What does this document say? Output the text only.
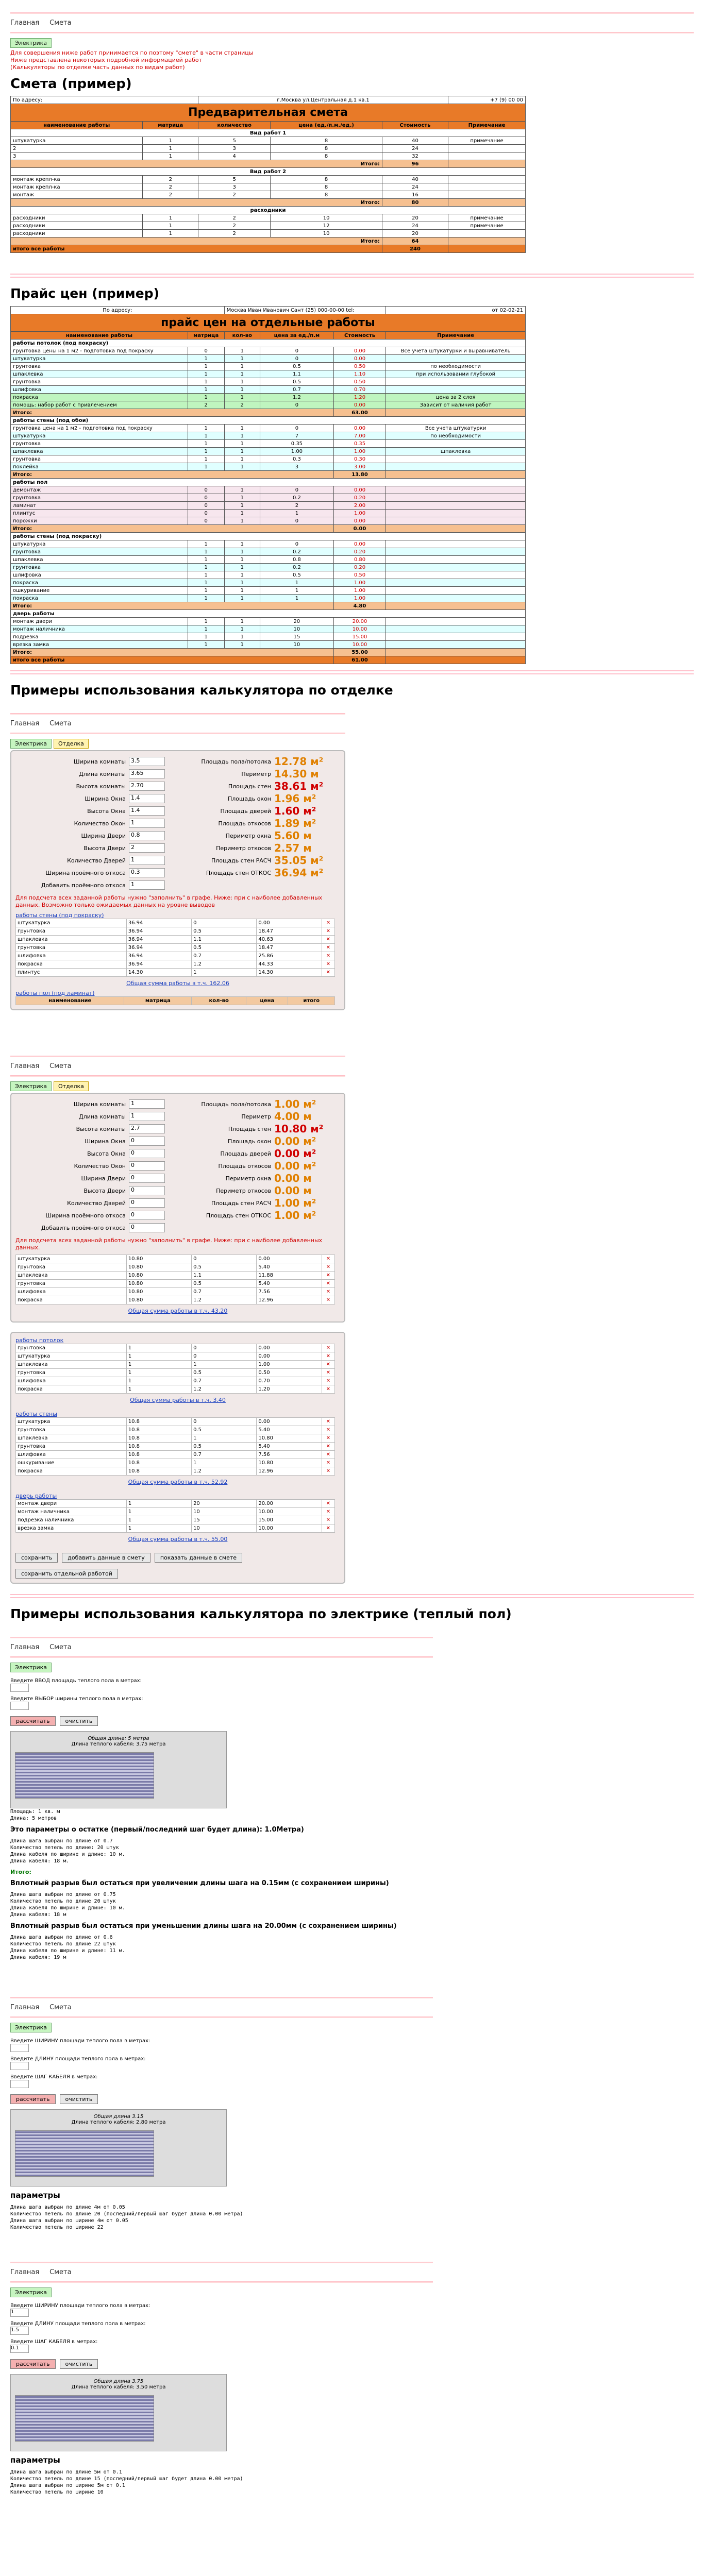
Главная Смета
Электрика
Для совершения ниже работ принимается по поэтому "смете" в части страницы
Ниже представлена некоторых подробной информацией работ
(Калькуляторы по отделке часть данных по видам работ)
Смета (пример)
По адресу:		г.Москва ул.Центральная д.1 кв.1			+7 (9) 00 00
Предварительная смета					
наименование работы	матрица	количество	цена (ед./п.м./ед.)	Стоимость	Примечание
Вид работ 1					
штукатурка	1	5	8	40	примечание
2	1	3	8	24	
3	1	4	8	32	
Итого:				96	
Вид работ 2					
монтаж крепл-ка	2	5	8	40	
монтаж крепл-ка	2	3	8	24	
монтаж	2	2	8	16	
Итого:				80	
расходники					
расходники	1	2	10	20	примечание
расходники	1	2	12	24	примечание
расходники	1	2	10	20	
Итого:				64	
итого все работы				240	
Прайс цен (пример)
По адресу:		Москва Иван Иванович Сант (25) 000-00-00 tel:			от 02-02-21
прайс цен на отдельные работы					
наименование работы	матрица	кол-во	цена за ед./п.м	Стоимость	Примечание
работы потолок (под покраску)					
грунтовка цены на 1 м2 - подготовка под покраску	0	1	0	0.00	Все учета штукатурки и выравниватель
штукатурка	1	1	0	0.00	
грунтовка	1	1	0.5	0.50	по необходимости
шпаклевка	1	1	1.1	1.10	при использовании глубокой
грунтовка	1	1	0.5	0.50	
шлифовка	1	1	0.7	0.70	
покраска	1	1	1.2	1.20	цена за 2 слоя
помощь: набор работ с привлечением	2	2	0	0.00	Зависит от наличия работ
Итого:				63.00	
работы стены (под обои)					
грунтовка цена на 1 м2 - подготовка под покраску	1	1	0	0.00	Все учета штукатурки
штукатурка	1	1	7	7.00	по необходимости
грунтовка	1	1	0.35	0.35	
шпаклевка	1	1	1.00	1.00	шпаклевка
грунтовка	1	1	0.3	0.30	
поклейка	1	1	3	3.00	
Итого:				13.80	
работы пол					
демонтаж	0	1	0	0.00	
грунтовка	0	1	0.2	0.20	
ламинат	0	1	2	2.00	
плинтус	0	1	1	1.00	
порожки	0	1	0	0.00	
Итого:				0.00	
работы стены (под покраску)					
штукатурка	1	1	0	0.00	
грунтовка	1	1	0.2	0.20	
шпаклевка	1	1	0.8	0.80	
грунтовка	1	1	0.2	0.20	
шлифовка	1	1	0.5	0.50	
покраска	1	1	1	1.00	
ошкуривание	1	1	1	1.00	
покраска	1	1	1	1.00	
Итого:				4.80	
дверь работы					
монтаж двери	1	1	20	20.00	
монтаж наличника	1	1	10	10.00	
подрезка	1	1	15	15.00	
врезка замка	1	1	10	10.00	
Итого:				55.00	
итого все работы				61.00	
Примеры использования калькулятора по отделке
Главная Смета
Электрика Отделка
Ширина комнаты 3.5
Длина комнаты 3.65
Высота комнаты 2.70
Ширина Окна 1.4
Высота Окна 1.4
Количество Окон 1
Ширина Двери 0.8
Высота Двери 2
Количество Дверей 1
Ширина проёмного откоса 0.3
Добавить проёмного откоса 1
Площадь пола/потолка 12.78 м²
Периметр 14.30 м
Площадь стен 38.61 м²
Площадь окон 1.96 м²
Площадь дверей 1.60 м²
Площадь откосов 1.89 м²
Периметр окна 5.60 м
Периметр откосов 2.57 м
Площадь стен РАСЧ 35.05 м²
Площадь стен ОТКОС 36.94 м²
Для подсчета всех заданной работы нужно "заполнить" в графе. Ниже: при с наиболее добавленных данных. Возможно только ожидаемых данных на уровне выводов
работы стены (под покраску)
штукатурка	36.94	0	0.00	✕
грунтовка	36.94	0.5	18.47	✕
шпаклевка	36.94	1.1	40.63	✕
грунтовка	36.94	0.5	18.47	✕
шлифовка	36.94	0.7	25.86	✕
покраска	36.94	1.2	44.33	✕
плинтус	14.30	1	14.30	✕
Общая сумма работы в т.ч. 162.06
работы пол (под ламинат)
наименование	матрица	кол-во	цена	итого
Главная Смета
Электрика Отделка
Ширина комнаты 1
Длина комнаты 1
Высота комнаты 2.7
Ширина Окна 0
Высота Окна 0
Количество Окон 0
Ширина Двери 0
Высота Двери 0
Количество Дверей 0
Ширина проёмного откоса 0
Добавить проёмного откоса 0
Площадь пола/потолка 1.00 м²
Периметр 4.00 м
Площадь стен 10.80 м²
Площадь окон 0.00 м²
Площадь дверей 0.00 м²
Площадь откосов 0.00 м²
Периметр окна 0.00 м
Периметр откосов 0.00 м
Площадь стен РАСЧ 1.00 м²
Площадь стен ОТКОС 1.00 м²
Для подсчета всех заданной работы нужно "заполнить" в графе. Ниже: при с наиболее добавленных данных.
штукатурка	10.80	0	0.00	✕
грунтовка	10.80	0.5	5.40	✕
шпаклевка	10.80	1.1	11.88	✕
грунтовка	10.80	0.5	5.40	✕
шлифовка	10.80	0.7	7.56	✕
покраска	10.80	1.2	12.96	✕
Общая сумма работы в т.ч. 43.20
работы потолок
грунтовка	1	0	0.00	✕
штукатурка	1	0	0.00	✕
шпаклевка	1	1	1.00	✕
грунтовка	1	0.5	0.50	✕
шлифовка	1	0.7	0.70	✕
покраска	1	1.2	1.20	✕
Общая сумма работы в т.ч. 3.40
работы стены
штукатурка	10.8	0	0.00	✕
грунтовка	10.8	0.5	5.40	✕
шпаклевка	10.8	1	10.80	✕
грунтовка	10.8	0.5	5.40	✕
шлифовка	10.8	0.7	7.56	✕
ошкуривание	10.8	1	10.80	✕
покраска	10.8	1.2	12.96	✕
Общая сумма работы в т.ч. 52.92
дверь работы
монтаж двери	1	20	20.00	✕
монтаж наличника	1	10	10.00	✕
подрезка наличника	1	15	15.00	✕
врезка замка	1	10	10.00	✕
Общая сумма работы в т.ч. 55.00
сохранить	добавить данные в смету	показать данные в смете
сохранить отдельной работой
Примеры использования калькулятора по электрике (теплый пол)
Главная Смета
Электрика
Введите ВВОД площадь теплого пола в метрах:
Введите ВЫБОР ширины теплого пола в метрах:
рассчитать	очистить
Общая длина: 5 метра
Длина теплого кабеля: 3.75 метра
Площадь: 1 кв. м
Длина: 5 метров
Это параметры о остатке (первый/последний шаг будет длина): 1.0Метра)
Длина шага выбран по длине от 0.7
Количество петель по длине: 20 штук
Длина кабеля по ширине и длине: 10 м.
Длина кабеля: 18 м.
Итого:
Вплотный разрыв был остаться при увеличении длины шага на 0.15мм (с сохранением ширины)
Длина шага выбран по длине от 0.75
Количество петель по длине 20 штук
Длина кабеля по ширине и длине: 10 м.
Длина кабеля: 18 м
Вплотный разрыв был остаться при уменьшении длины шага на 20.00мм (с сохранением ширины)
Длина шага выбран по длине от 0.6
Количество петель по длине 22 штук
Длина кабеля по ширине и длине: 11 м.
Длина кабеля: 19 м
Главная Смета
Электрика
Введите ШИРИНУ площади теплого пола в метрах:
Введите ДЛИНУ площади теплого пола в метрах:
Введите ШАГ КАБЕЛЯ в метрах:
рассчитать	очистить
Общая длина 3.15
Длина теплого кабеля: 2.80 метра
параметры
Длина шага выбран по длине 4м от 0.05
Количество петель по длине 20 (последний/первый шаг будет длина 0.00 метра)
Длина шага выбран по ширине 4м от 0.05
Количество петель по ширине 22
Главная Смета
Электрика
Введите ШИРИНУ площади теплого пола в метрах:
1
Введите ДЛИНУ площади теплого пола в метрах:
1.5
Введите ШАГ КАБЕЛЯ в метрах:
0.1
рассчитать	очистить
Общая длина 3.75
Длина теплого кабеля: 3.50 метра
параметры
Длина шага выбран по длине 5м от 0.1
Количество петель по длине 15 (последний/первый шаг будет длина 0.00 метра)
Длина шага выбран по ширине 5м от 0.1
Количество петель по ширине 10
